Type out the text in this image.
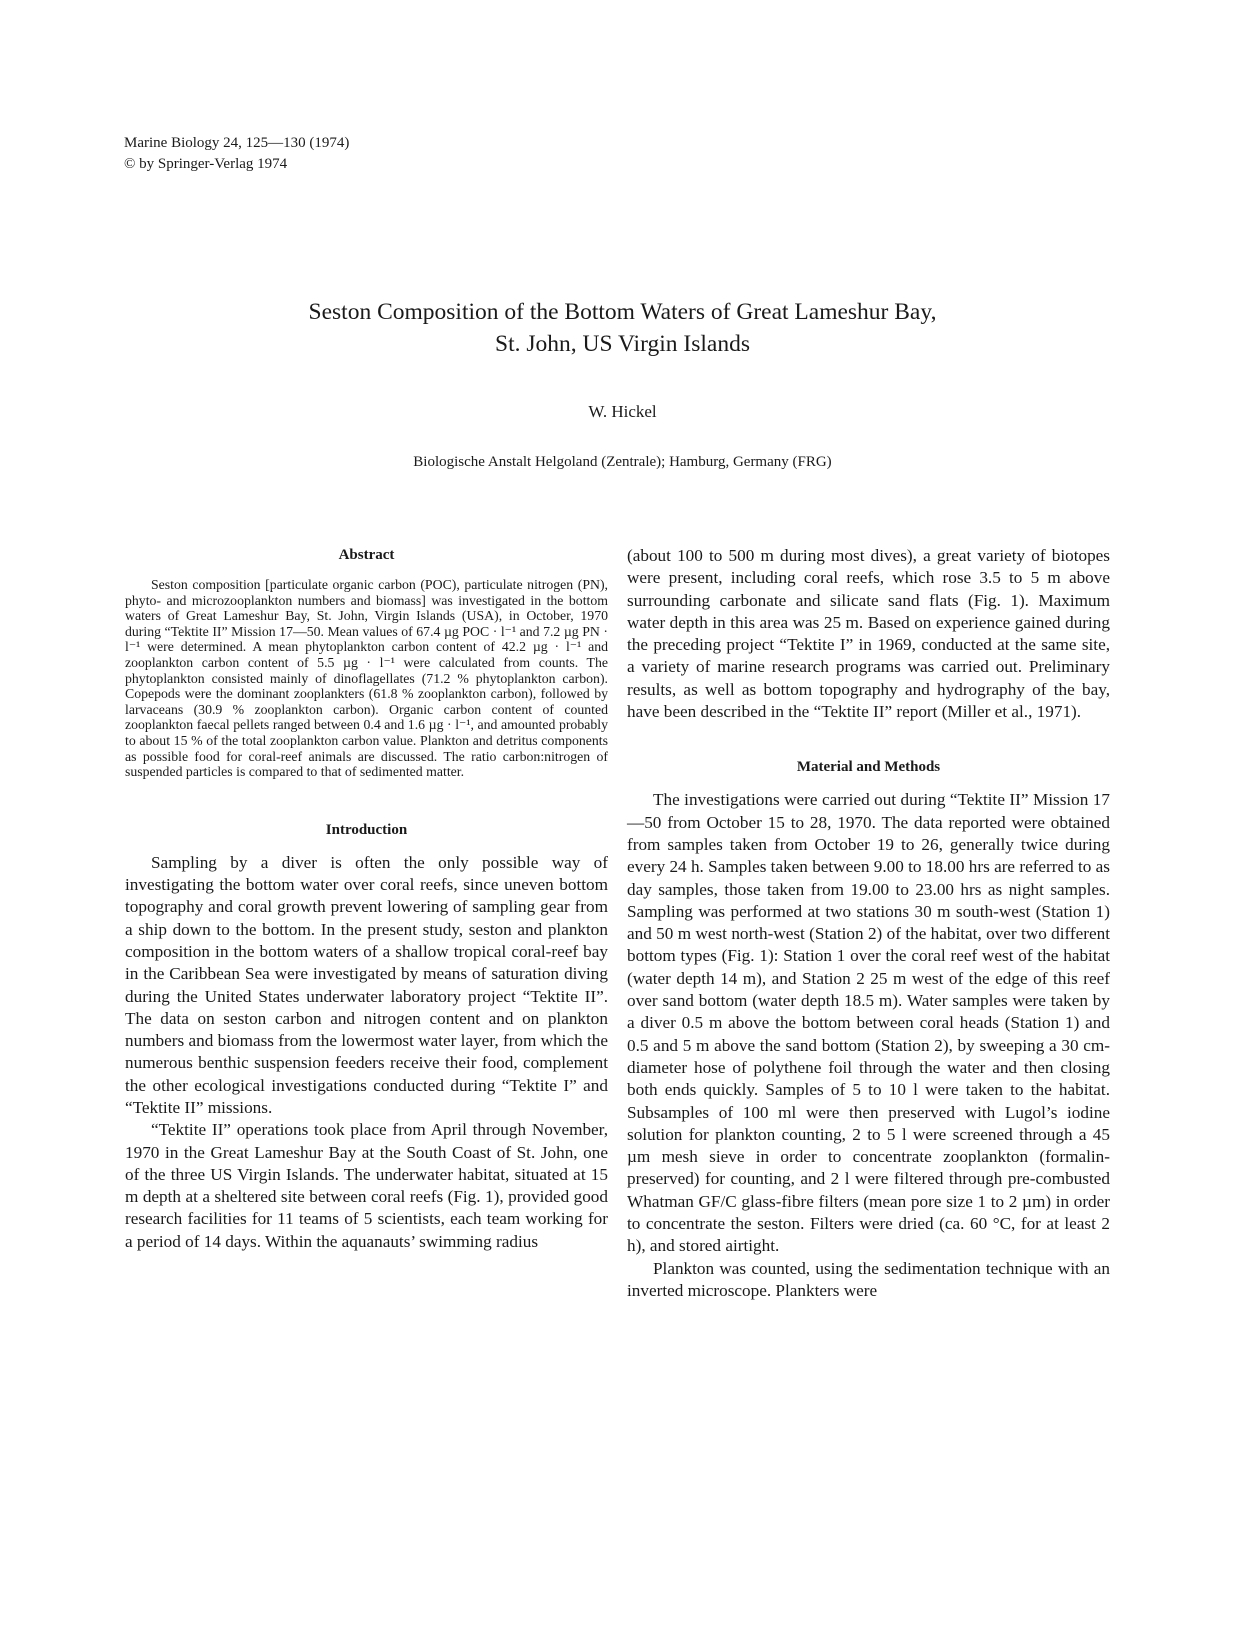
Marine Biology 24, 125—130 (1974)
© by Springer-Verlag 1974
Seston Composition of the Bottom Waters of Great Lameshur Bay,
St. John, US Virgin Islands
W. Hickel
Biologische Anstalt Helgoland (Zentrale); Hamburg, Germany (FRG)
Abstract

Seston composition [particulate organic carbon (POC), particulate nitrogen (PN), phyto- and microzooplankton numbers and biomass] was investigated in the bottom waters of Great Lameshur Bay, St. John, Virgin Islands (USA), in October, 1970 during “Tektite II” Mission 17—50. Mean values of 67.4 µg POC · l⁻¹ and 7.2 µg PN · l⁻¹ were determined. A mean phytoplankton carbon content of 42.2 µg · l⁻¹ and zooplankton carbon content of 5.5 µg · l⁻¹ were calculated from counts. The phytoplankton consisted mainly of dinoflagellates (71.2 % phytoplankton carbon). Copepods were the dominant zooplankters (61.8 % zooplankton carbon), followed by larvaceans (30.9 % zooplankton carbon). Organic carbon content of counted zooplankton faecal pellets ranged between 0.4 and 1.6 µg · l⁻¹, and amounted probably to about 15 % of the total zooplankton carbon value. Plankton and detritus components as possible food for coral-reef animals are discussed. The ratio carbon:nitrogen of suspended particles is compared to that of sedimented matter.

Introduction

Sampling by a diver is often the only possible way of investigating the bottom water over coral reefs, since uneven bottom topography and coral growth prevent lowering of sampling gear from a ship down to the bottom. In the present study, seston and plankton composition in the bottom waters of a shallow tropical coral-reef bay in the Caribbean Sea were investigated by means of saturation diving during the United States underwater laboratory project “Tektite II”. The data on seston carbon and nitrogen content and on plankton numbers and biomass from the lowermost water layer, from which the numerous benthic suspension feeders receive their food, complement the other ecological investigations conducted during “Tektite I” and “Tektite II” missions.

“Tektite II” operations took place from April through November, 1970 in the Great Lameshur Bay at the South Coast of St. John, one of the three US Virgin Islands. The underwater habitat, situated at 15 m depth at a sheltered site between coral reefs (Fig. 1), provided good research facilities for 11 teams of 5 scientists, each team working for a period of 14 days. Within the aquanauts’ swimming radius

(about 100 to 500 m during most dives), a great variety of biotopes were present, including coral reefs, which rose 3.5 to 5 m above surrounding carbonate and silicate sand flats (Fig. 1). Maximum water depth in this area was 25 m. Based on experience gained during the preceding project “Tektite I” in 1969, conducted at the same site, a variety of marine research programs was carried out. Preliminary results, as well as bottom topography and hydrography of the bay, have been described in the “Tektite II” report (Miller et al., 1971).

Material and Methods

The investigations were carried out during “Tektite II” Mission 17—50 from October 15 to 28, 1970. The data reported were obtained from samples taken from October 19 to 26, generally twice during every 24 h. Samples taken between 9.00 to 18.00 hrs are referred to as day samples, those taken from 19.00 to 23.00 hrs as night samples. Sampling was performed at two stations 30 m south-west (Station 1) and 50 m west north-west (Station 2) of the habitat, over two different bottom types (Fig. 1): Station 1 over the coral reef west of the habitat (water depth 14 m), and Station 2 25 m west of the edge of this reef over sand bottom (water depth 18.5 m). Water samples were taken by a diver 0.5 m above the bottom between coral heads (Station 1) and 0.5 and 5 m above the sand bottom (Station 2), by sweeping a 30 cm-diameter hose of polythene foil through the water and then closing both ends quickly. Samples of 5 to 10 l were taken to the habitat. Subsamples of 100 ml were then preserved with Lugol’s iodine solution for plankton counting, 2 to 5 l were screened through a 45 µm mesh sieve in order to concentrate zooplankton (formalin-preserved) for counting, and 2 l were filtered through pre-combusted Whatman GF/C glass-fibre filters (mean pore size 1 to 2 µm) in order to concentrate the seston. Filters were dried (ca. 60 °C, for at least 2 h), and stored airtight.

Plankton was counted, using the sedimentation technique with an inverted microscope. Plankters were
